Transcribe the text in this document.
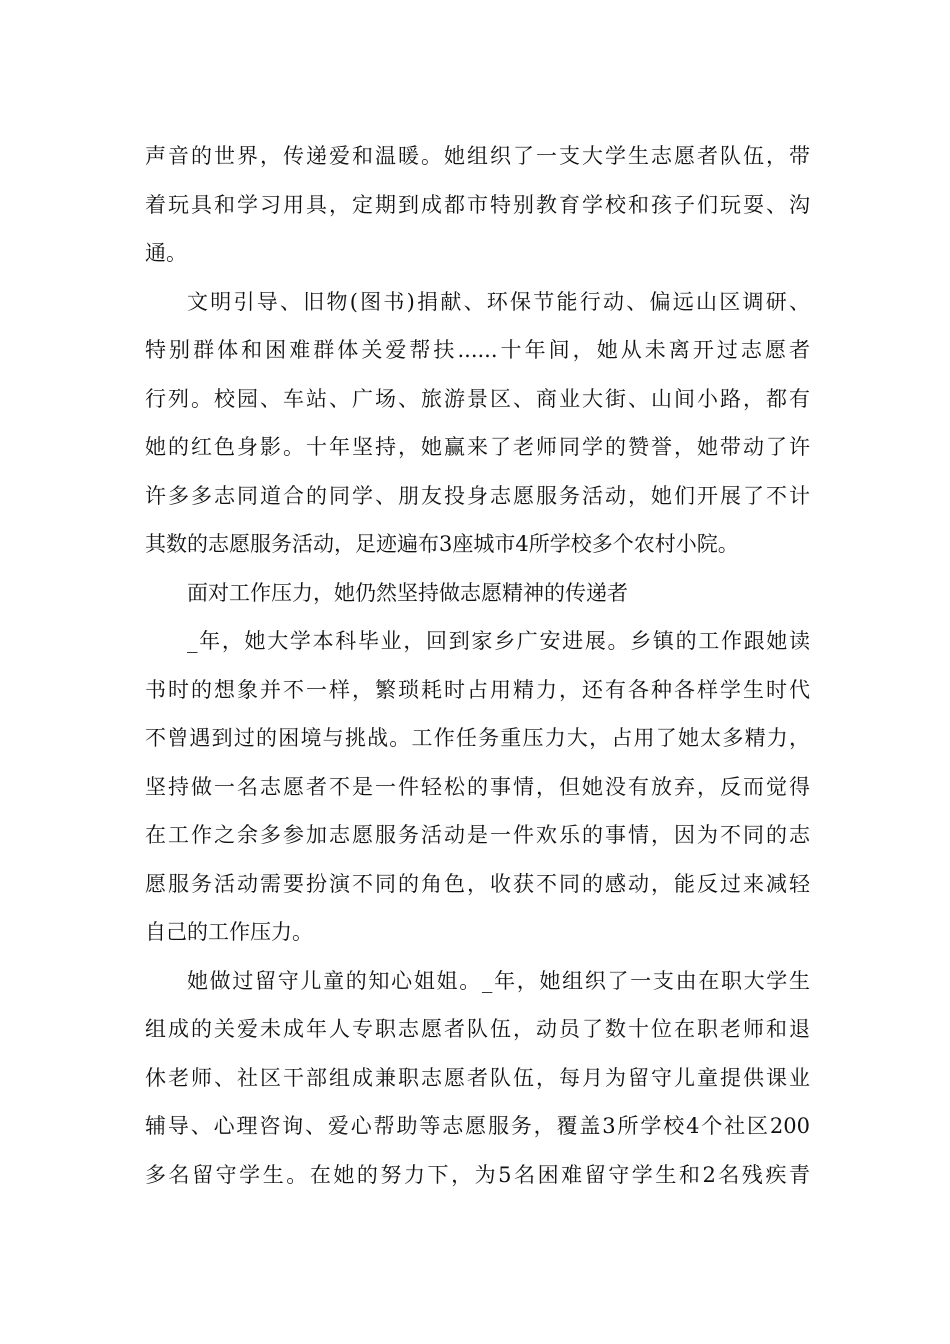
声音的世界，传递爱和温暖。她组织了一支大学生志愿者队伍，带
着玩具和学习用具，定期到成都市特别教育学校和孩子们玩耍、沟
通。
文明引导、旧物(图书)捐献、环保节能行动、偏远山区调研、
特别群体和困难群体关爱帮扶......十年间，她从未离开过志愿者
行列。校园、车站、广场、旅游景区、商业大街、山间小路，都有
她的红色身影。十年坚持，她赢来了老师同学的赞誉，她带动了许
许多多志同道合的同学、朋友投身志愿服务活动，她们开展了不计
其数的志愿服务活动，足迹遍布3座城市4所学校多个农村小院。
面对工作压力，她仍然坚持做志愿精神的传递者
_年，她大学本科毕业，回到家乡广安进展。乡镇的工作跟她读
书时的想象并不一样，繁琐耗时占用精力，还有各种各样学生时代
不曾遇到过的困境与挑战。工作任务重压力大，占用了她太多精力，
坚持做一名志愿者不是一件轻松的事情，但她没有放弃，反而觉得
在工作之余多参加志愿服务活动是一件欢乐的事情，因为不同的志
愿服务活动需要扮演不同的角色，收获不同的感动，能反过来减轻
自己的工作压力。
她做过留守儿童的知心姐姐。_年，她组织了一支由在职大学生
组成的关爱未成年人专职志愿者队伍，动员了数十位在职老师和退
休老师、社区干部组成兼职志愿者队伍，每月为留守儿童提供课业
辅导、心理咨询、爱心帮助等志愿服务，覆盖3所学校4个社区200
多名留守学生。在她的努力下，为5名困难留守学生和2名残疾青
